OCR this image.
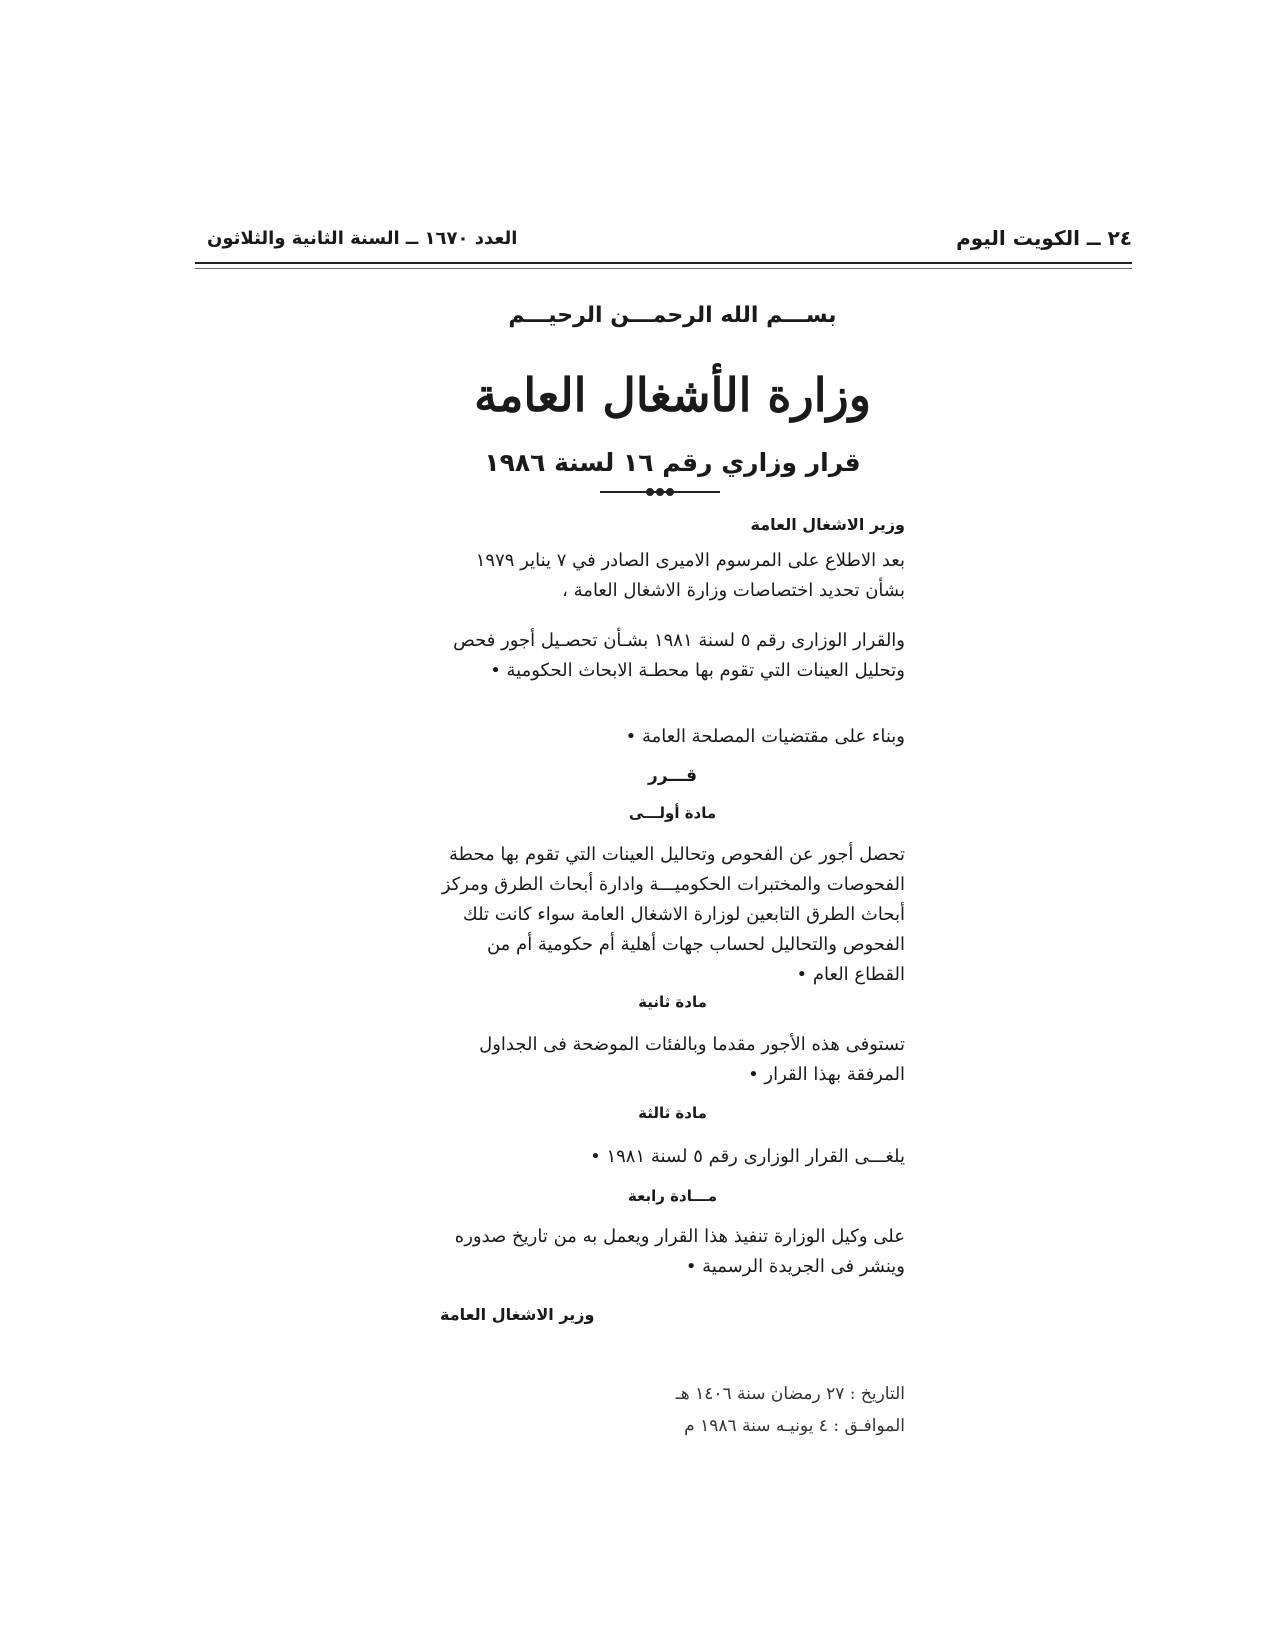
العدد ١٦٧٠ ــ السنة الثانية والثلاثون	٢٤ ــ الكويت اليوم
بســـم الله الرحمـــن الرحيـــم
وزارة الأشغال العامة
قرار وزاري رقم ١٦ لسنة ١٩٨٦
وزير الاشغال العامة
بعد الاطلاع على المرسوم الاميرى الصادر في ٧ يناير ١٩٧٩ بشأن تحديد اختصاصات وزارة الاشغال العامة ،
والقرار الوزارى رقم ٥ لسنة ١٩٨١ بشـأن تحصـيل أجور فحص وتحليل العينات التي تقوم بها محطـة الابحاث الحكومية •
وبناء على مقتضيات المصلحة العامة •
قـــرر
مادة أولـــى
تحصل أجور عن الفحوص وتحاليل العينات التي تقوم بها محطة الفحوصات والمختبرات الحكوميـــة وادارة أبحاث الطرق ومركز أبحاث الطرق التابعين لوزارة الاشغال العامة سواء كانت تلك الفحوص والتحاليل لحساب جهات أهلية أم حكومية أم من القطاع العام •
مادة ثانية
تستوفى هذه الأجور مقدما وبالفئات الموضحة فى الجداول المرفقة بهذا القرار •
مادة ثالثة
يلغـــى القرار الوزارى رقم ٥ لسنة ١٩٨١ •
مـــادة رابعة
على وكيل الوزارة تنفيذ هذا القرار ويعمل به من تاريخ صدوره وينشر فى الجريدة الرسمية •
وزير الاشغال العامة
التاريخ : ٢٧ رمضان سنة ١٤٠٦ هـ
الموافـق : ٤ يونيـه سنة ١٩٨٦ م
